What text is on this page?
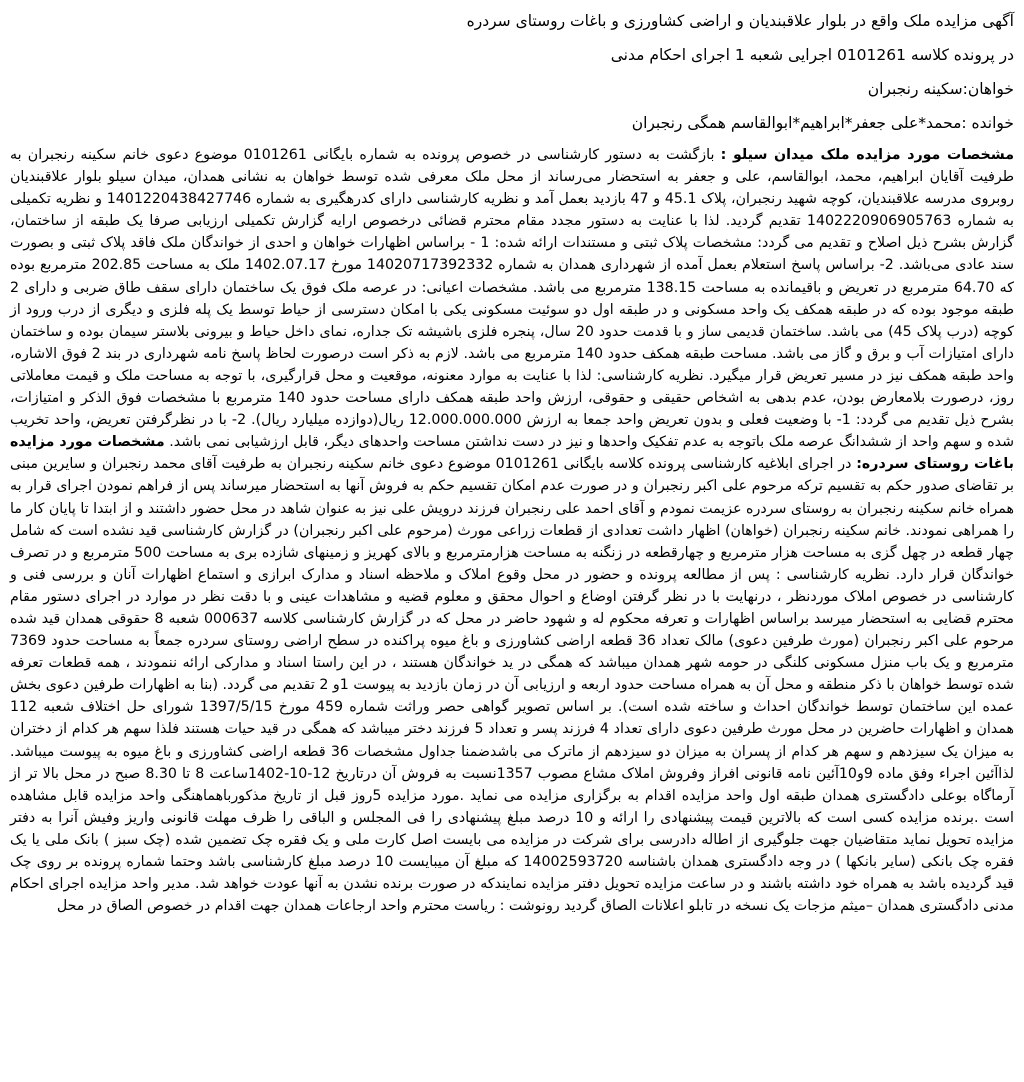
آگهی مزایده ملک واقع در بلوار علاقبندیان و اراضی کشاورزی و باغات روستای سردره

در پرونده کلاسه 0101261 اجرایی شعبه 1 اجرای احکام مدنی

خواهان:سکینه رنجبران

خوانده :محمد*علی جعفر*ابراهیم*ابوالقاسم همگی رنجبران

مشخصات مورد مزایده ملک میدان سیلو : بازگشت به دستور کارشناسی در خصوص پرونده به شماره بایگانی 0101261 موضوع دعوی خانم سکینه رنجبران به طرفیت آقایان ابراهیم، محمد، ابوالقاسم، علی و جعفر به استحضار می‌رساند از محل ملک معرفی شده توسط خواهان به نشانی همدان، میدان سیلو بلوار علاقبندیان روبروی مدرسه علاقبندیان، کوچه شهید رنجبران، پلاک 45.1 و 47 بازدید بعمل آمد و نظریه کارشناسی دارای کدرهگیری به شماره 140122043842774‌6 و نظریه تکمیلی به شماره 140222090690576‌3 تقدیم گردید. لذا با عنایت به دستور مجدد مقام محترم قضائی درخصوص ارایه گزارش تکمیلی ارزیابی صرفا یک طبقه از ساختمان، گزارش بشرح ذیل اصلاح و تقدیم می گردد: مشخصات پلاک ثبتی و مستندات ارائه شده: 1 - براساس اظهارات خواهان و احدی از خواندگان ملک فاقد پلاک ثبتی و بصورت سند عادی می‌باشد. 2- براساس پاسخ استعلام بعمل آمده از شهرداری همدان به شماره 14020717392332 مورخ 1402.07.17 ملک به مساحت 202.85 مترمربع بوده که 64.70 مترمربع در تعریض و باقیمانده به مساحت 138.15 مترمربع می باشد. مشخصات اعیانی: در عرصه ملک فوق یک ساختمان دارای سقف طاق ضربی و دارای 2 طبقه موجود بوده که در طبقه همکف یک واحد مسکونی و در طبقه اول دو سوئیت مسکونی یکی با امکان دسترسی از حیاط توسط یک پله فلزی و دیگری از درب ورود از کوچه (درب پلاک 45) می باشد. ساختمان قدیمی ساز و با قدمت حدود 20 سال، پنجره فلزی باشیشه تک جداره، نمای داخل حیاط و بیرونی بلاستر سیمان بوده و ساختمان دارای امتیازات آب و برق و گاز می باشد. مساحت طبقه همکف حدود 140 مترمربع می باشد. لازم به ذکر است درصورت لحاظ پاسخ نامه شهرداری در بند 2 فوق الاشاره، واحد طبقه همکف نیز در مسیر تعریض قرار میگیرد. نظریه کارشناسی: لذا با عنایت به موارد معنونه، موقعیت و محل قرارگیری، با توجه به مساحت ملک و قیمت معاملاتی روز، درصورت بلامعارض بودن، عدم بدهی به اشخاص حقیقی و حقوقی، ارزش واحد طبقه همکف دارای مساحت حدود 140 مترمربع با مشخصات فوق الذکر و امتیازات، بشرح ذیل تقدیم می گردد: 1- با وضعیت فعلی و بدون تعریض واحد جمعا به ارزش 12.000.000.000 ریال(دوازده میلیارد ریال). 2- با در نظرگرفتن تعریض، واحد تخریب شده و سهم واحد از ششدانگ عرصه ملک باتوجه به عدم تفکیک واحدها و نیز در دست نداشتن مساحت واحدهای دیگر، قابل ارزشیابی نمی باشد. مشخصات مورد مزایده باغات روستای سردره: در اجرای ابلاغیه کارشناسی پرونده کلاسه بایگانی 0101261 موضوع دعوی خانم سکینه رنجبران به طرفیت آقای محمد رنجبران و سایرین مبنی بر تقاضای صدور حکم به تقسیم ترکه مرحوم علی اکبر رنجبران و در صورت عدم امکان تقسیم حکم به فروش آنها به استحضار میرساند پس از فراهم نمودن اجرای قرار به همراه خانم سکینه رنجبران به روستای سردره عزیمت نمودم و آقای احمد علی رنجبران فرزند درویش علی نیز به عنوان شاهد در محل حضور داشتند و از ابتدا تا پایان کار ما را همراهی نمودند. خانم سکینه رنجبران (خواهان) اظهار داشت تعدادی از قطعات زراعی مورث (مرحوم علی اکبر رنجبران) در گزارش کارشناسی قید نشده است که شامل چهار قطعه در چهل گزی به مساحت هزار مترمربع و چهارقطعه در زنگنه به مساحت هزارمترمربع و بالای کهریز و زمینهای شازده بری به مساحت 500 مترمربع و در تصرف خواندگان قرار دارد. نظریه کارشناسی : پس از مطالعه پرونده و حضور در محل وقوع املاک و ملاحظه اسناد و مدارک ابرازی و استماع اظهارات آنان و بررسی فنی و کارشناسی در خصوص املاک موردنظر ، درنهایت با در نظر گرفتن اوضاع و احوال محقق و معلوم قضیه و مشاهدات عینی و با دقت نظر در موارد در اجرای دستور مقام محترم قضایی به استحضار میرسد براساس اظهارات و تعرفه محکوم له و شهود حاضر در محل که در گزارش کارشناسی کلاسه 000637 شعبه 8 حقوقی همدان قید شده مرحوم علی اکبر رنجبران (مورث طرفین دعوی) مالک تعداد 36 قطعه اراضی کشاورزی و باغ میوه پراکنده در سطح اراضی روستای سردره جمعاً به مساحت حدود 7369 مترمربع و یک باب منزل مسکونی کلنگی در حومه شهر همدان میباشد که همگی در ید خواندگان هستند ، در این راستا اسناد و مدارکی ارائه ننمودند ، همه قطعات تعرفه شده توسط خواهان با ذکر منطقه و محل آن به همراه مساحت حدود اربعه و ارزیابی آن در زمان بازدید به پیوست 1و 2 تقدیم می گردد. (بنا به اظهارات طرفین دعوی بخش عمده این ساختمان توسط خواندگان احداث و ساخته شده است). بر اساس تصویر گواهی حصر وراثت شماره 459 مورخ 1397/5/15 شورای حل اختلاف شعبه 112 همدان و اظهارات حاضرین در محل مورث طرفین دعوی دارای تعداد 4 فرزند پسر و تعداد 5 فرزند دختر میباشد که همگی در قید حیات هستند فلذا سهم هر کدام از دختران به میزان یک سیزدهم و سهم هر کدام از پسران به میزان دو سیزدهم از ماترک می باشدضمنا جداول مشخصات 36 قطعه اراضی کشاورزی و باغ میوه به پیوست میباشد. لذاآئین اجراء وفق ماده 9و10آئین نامه قانونی افراز وفروش املاک مشاع مصوب 1357نسبت به فروش آن درتاریخ 12-10-1402ساعت 8 تا 8.30 صبح در محل بالا تر از آرماگاه بوعلی دادگستری همدان طبقه اول واحد مزایده اقدام به برگزاری مزایده می نماید .مورد مزایده 5روز قبل از تاریخ مذکورباهماهنگی واحد مزایده قابل مشاهده است .برنده مزایده کسی است که بالاترین قیمت پیشنهادی را ارائه و 10 درصد مبلغ پیشنهادی را فی المجلس و الباقی را ظرف مهلت قانونی واریز وفیش آنرا به دفتر مزایده تحویل نماید متقاضیان جهت جلوگیری از اطاله دادرسی برای شرکت در مزایده می بایست اصل کارت ملی و یک فقره چک تضمین شده (چک سبز ) بانک ملی یا یک فقره چک بانکی (سایر بانکها ) در وجه دادگستری همدان باشناسه 14002593720 که مبلغ آن میبایست 10 درصد مبلغ کارشناسی باشد وحتما شماره پرونده بر روی چک قید گردیده باشد به همراه خود داشته باشند و در ساعت مزایده تحویل دفتر مزایده نمایندکه در صورت برنده نشدن به آنها عودت خواهد شد. مدیر واحد مزایده اجرای احکام مدنی دادگستری همدان –میثم مزجات یک نسخه در تابلو اعلانات الصاق گردید رونوشت : ریاست محترم واحد ارجاعات همدان جهت اقدام در خصوص الصاق در محل
